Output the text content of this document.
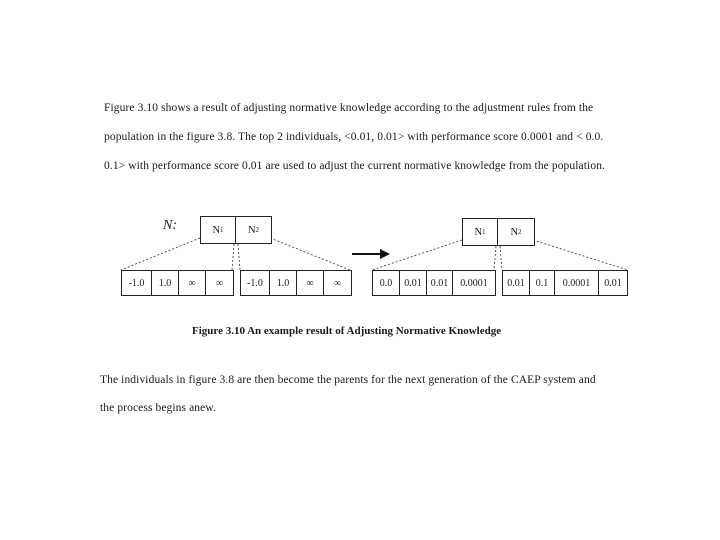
Figure 3.10 shows a result of adjusting normative knowledge according to the adjustment rules from the
population in the figure 3.8. The top 2 individuals, <0.01, 0.01> with performance score 0.0001 and < 0.0.
0.1> with performance score 0.01 are used to adjust the current normative knowledge from the population.
N:	N 1 N 2
-1.0	1.0	∞	∞	-1.0	1.0	∞	∞
N 1 N 2
0.0	0.01 0.01	0.0001	0.01	0.1	0.0001	0.01
Figure 3.10 An example result of Adjusting Normative Knowledge
The individuals in figure 3.8 are then become the parents for the next generation of the CAEP system and
the process begins anew.
